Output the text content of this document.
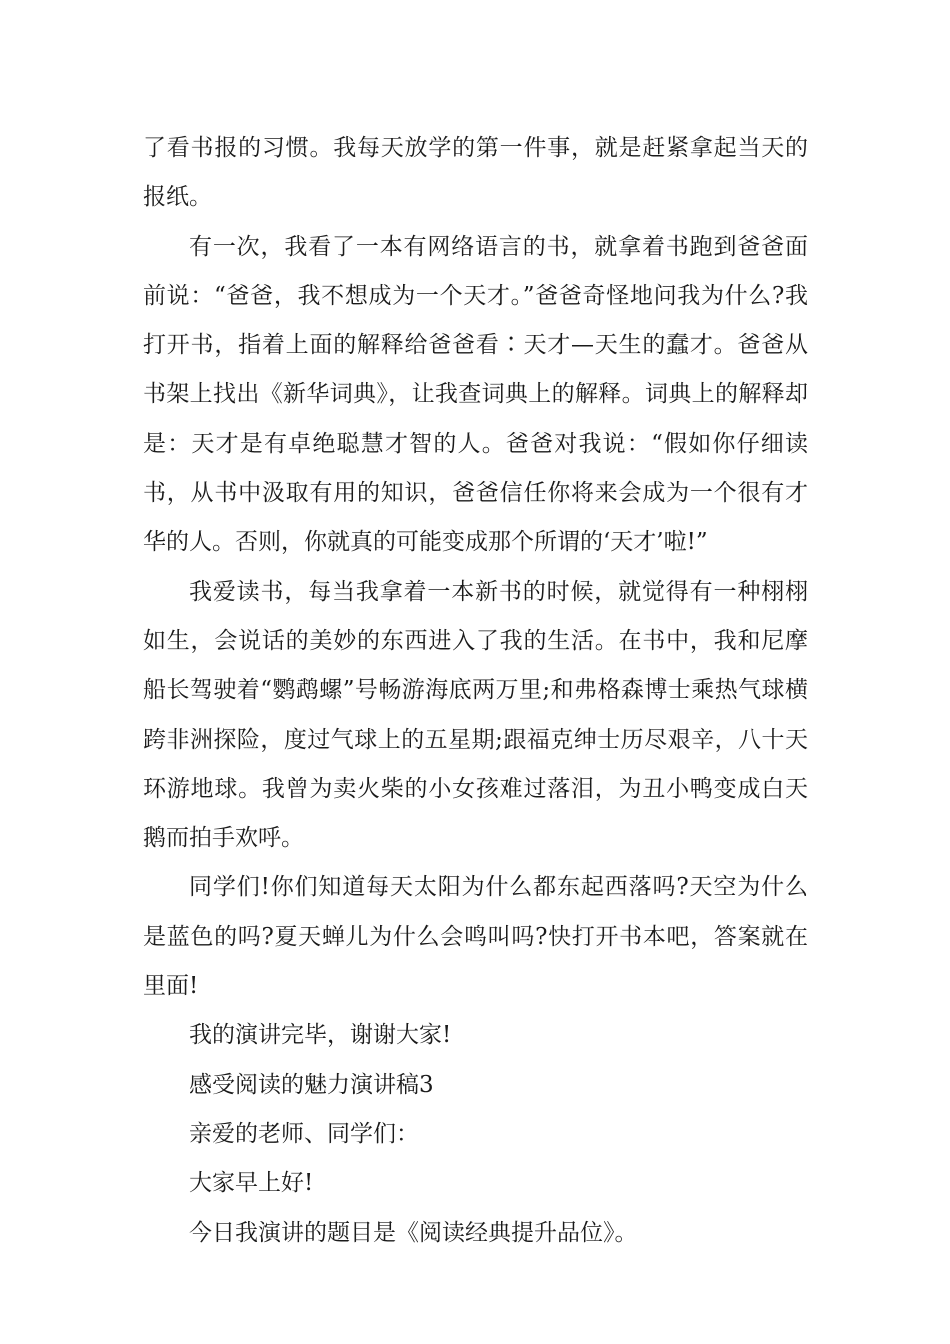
了看书报的习惯。我每天放学的第一件事，就是赶紧拿起当天的报纸。

有一次，我看了一本有网络语言的书，就拿着书跑到爸爸面前说：“爸爸，我不想成为一个天才。”爸爸奇怪地问我为什么?我打开书，指着上面的解释给爸爸看∶天才—天生的蠢才。爸爸从书架上找出《新华词典》，让我查词典上的解释。词典上的解释却是：天才是有卓绝聪慧才智的人。爸爸对我说：“假如你仔细读书，从书中汲取有用的知识，爸爸信任你将来会成为一个很有才华的人。否则，你就真的可能变成那个所谓的‘天才’啦!”

我爱读书，每当我拿着一本新书的时候，就觉得有一种栩栩如生，会说话的美妙的东西进入了我的生活。在书中，我和尼摩船长驾驶着“鹦鹉螺”号畅游海底两万里;和弗格森博士乘热气球横跨非洲探险，度过气球上的五星期;跟福克绅士历尽艰辛，八十天环游地球。我曾为卖火柴的小女孩难过落泪，为丑小鸭变成白天鹅而拍手欢呼。

同学们!你们知道每天太阳为什么都东起西落吗?天空为什么是蓝色的吗?夏天蝉儿为什么会鸣叫吗?快打开书本吧，答案就在里面!

我的演讲完毕，谢谢大家!

感受阅读的魅力演讲稿3

亲爱的老师、同学们：

大家早上好!

今日我演讲的题目是《阅读经典提升品位》。
